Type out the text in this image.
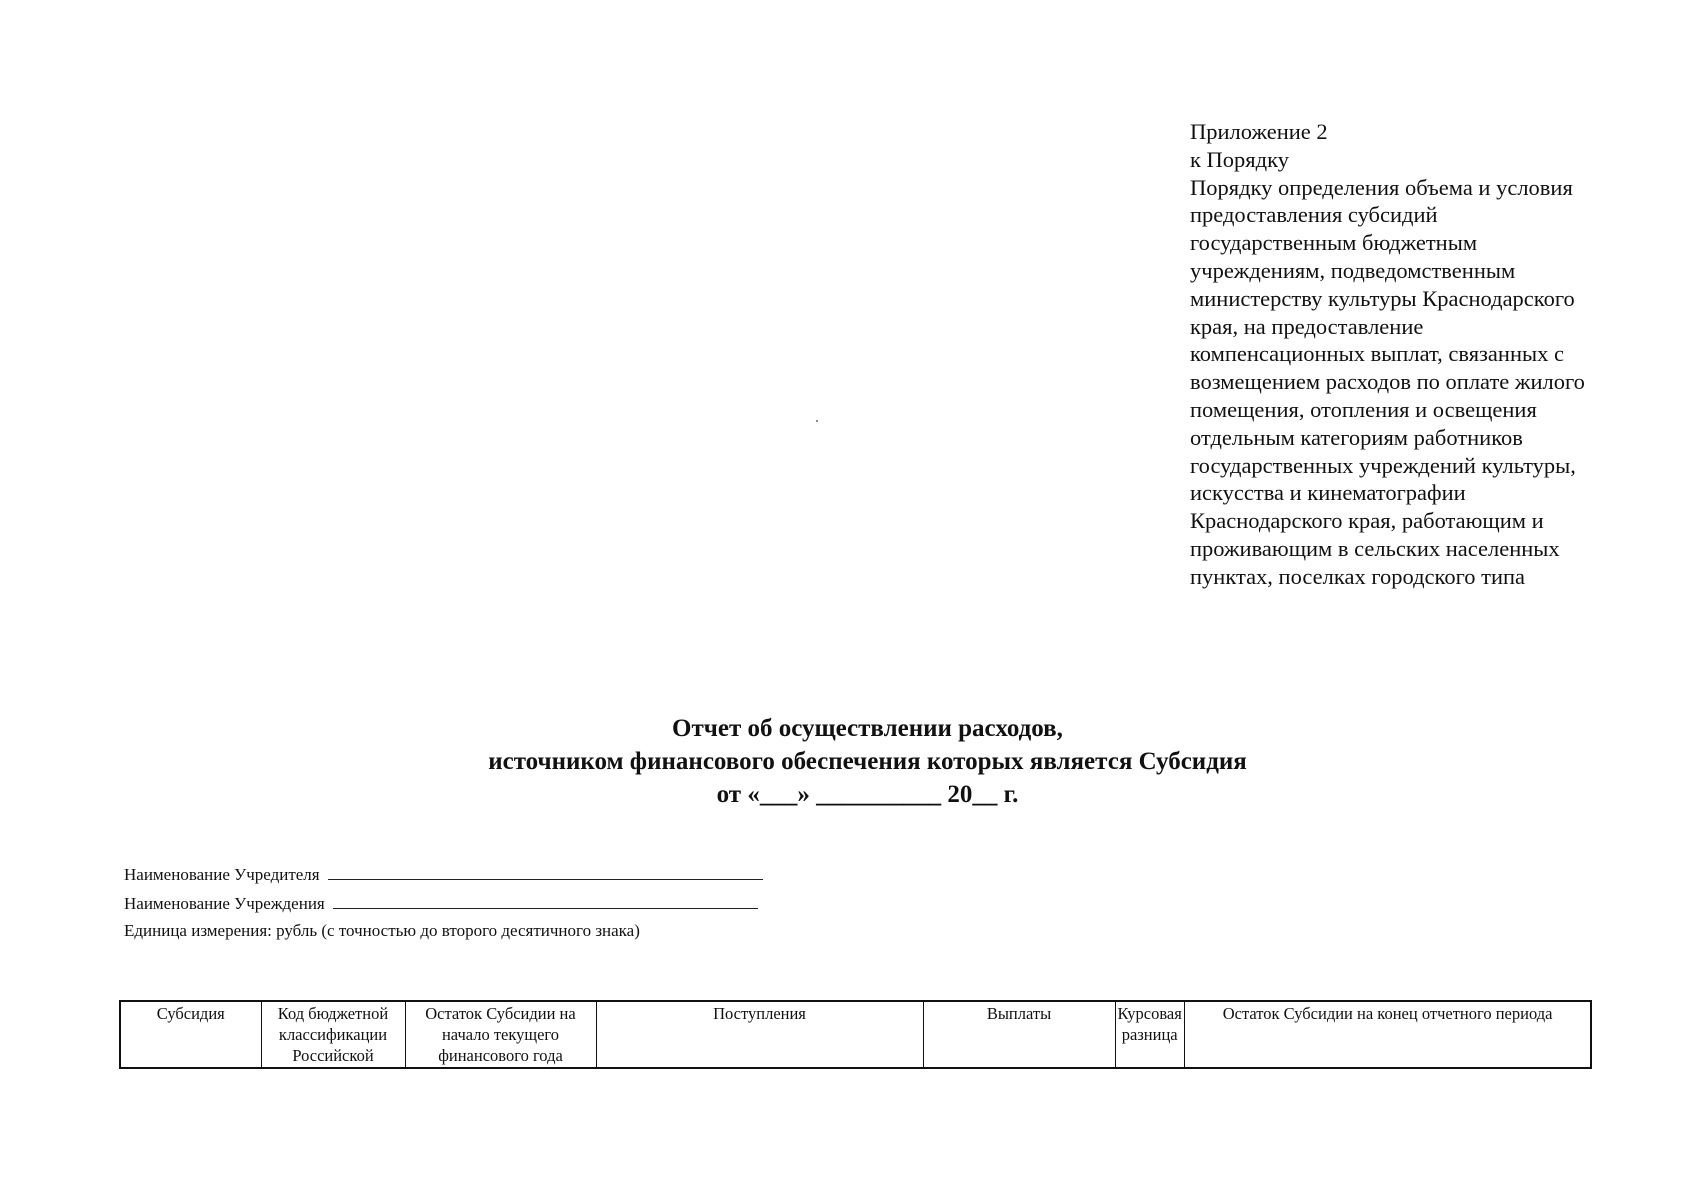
Приложение 2
к Порядку
Порядку определения объема и условия
предоставления субсидий
государственным бюджетным
учреждениям, подведомственным
министерству культуры Краснодарского
края, на предоставление
компенсационных выплат, связанных с
возмещением расходов по оплате жилого
помещения, отопления и освещения
отдельным категориям работников
государственных учреждений культуры,
искусства и кинематографии
Краснодарского края, работающим и
проживающим в сельских населенных
пунктах, поселках городского типа
Отчет об осуществлении расходов,
источником финансового обеспечения которых является Субсидия
от «___» __________ 20__ г.
Наименование Учредителя
Наименование Учреждения
Единица измерения: рубль (с точностью до второго десятичного знака)
Субсидия	Код бюджетной классификации Российской	Остаток Субсидии на начало текущего финансового года	Поступления	Выплаты	Курсовая разница	Остаток Субсидии на конец отчетного периода
